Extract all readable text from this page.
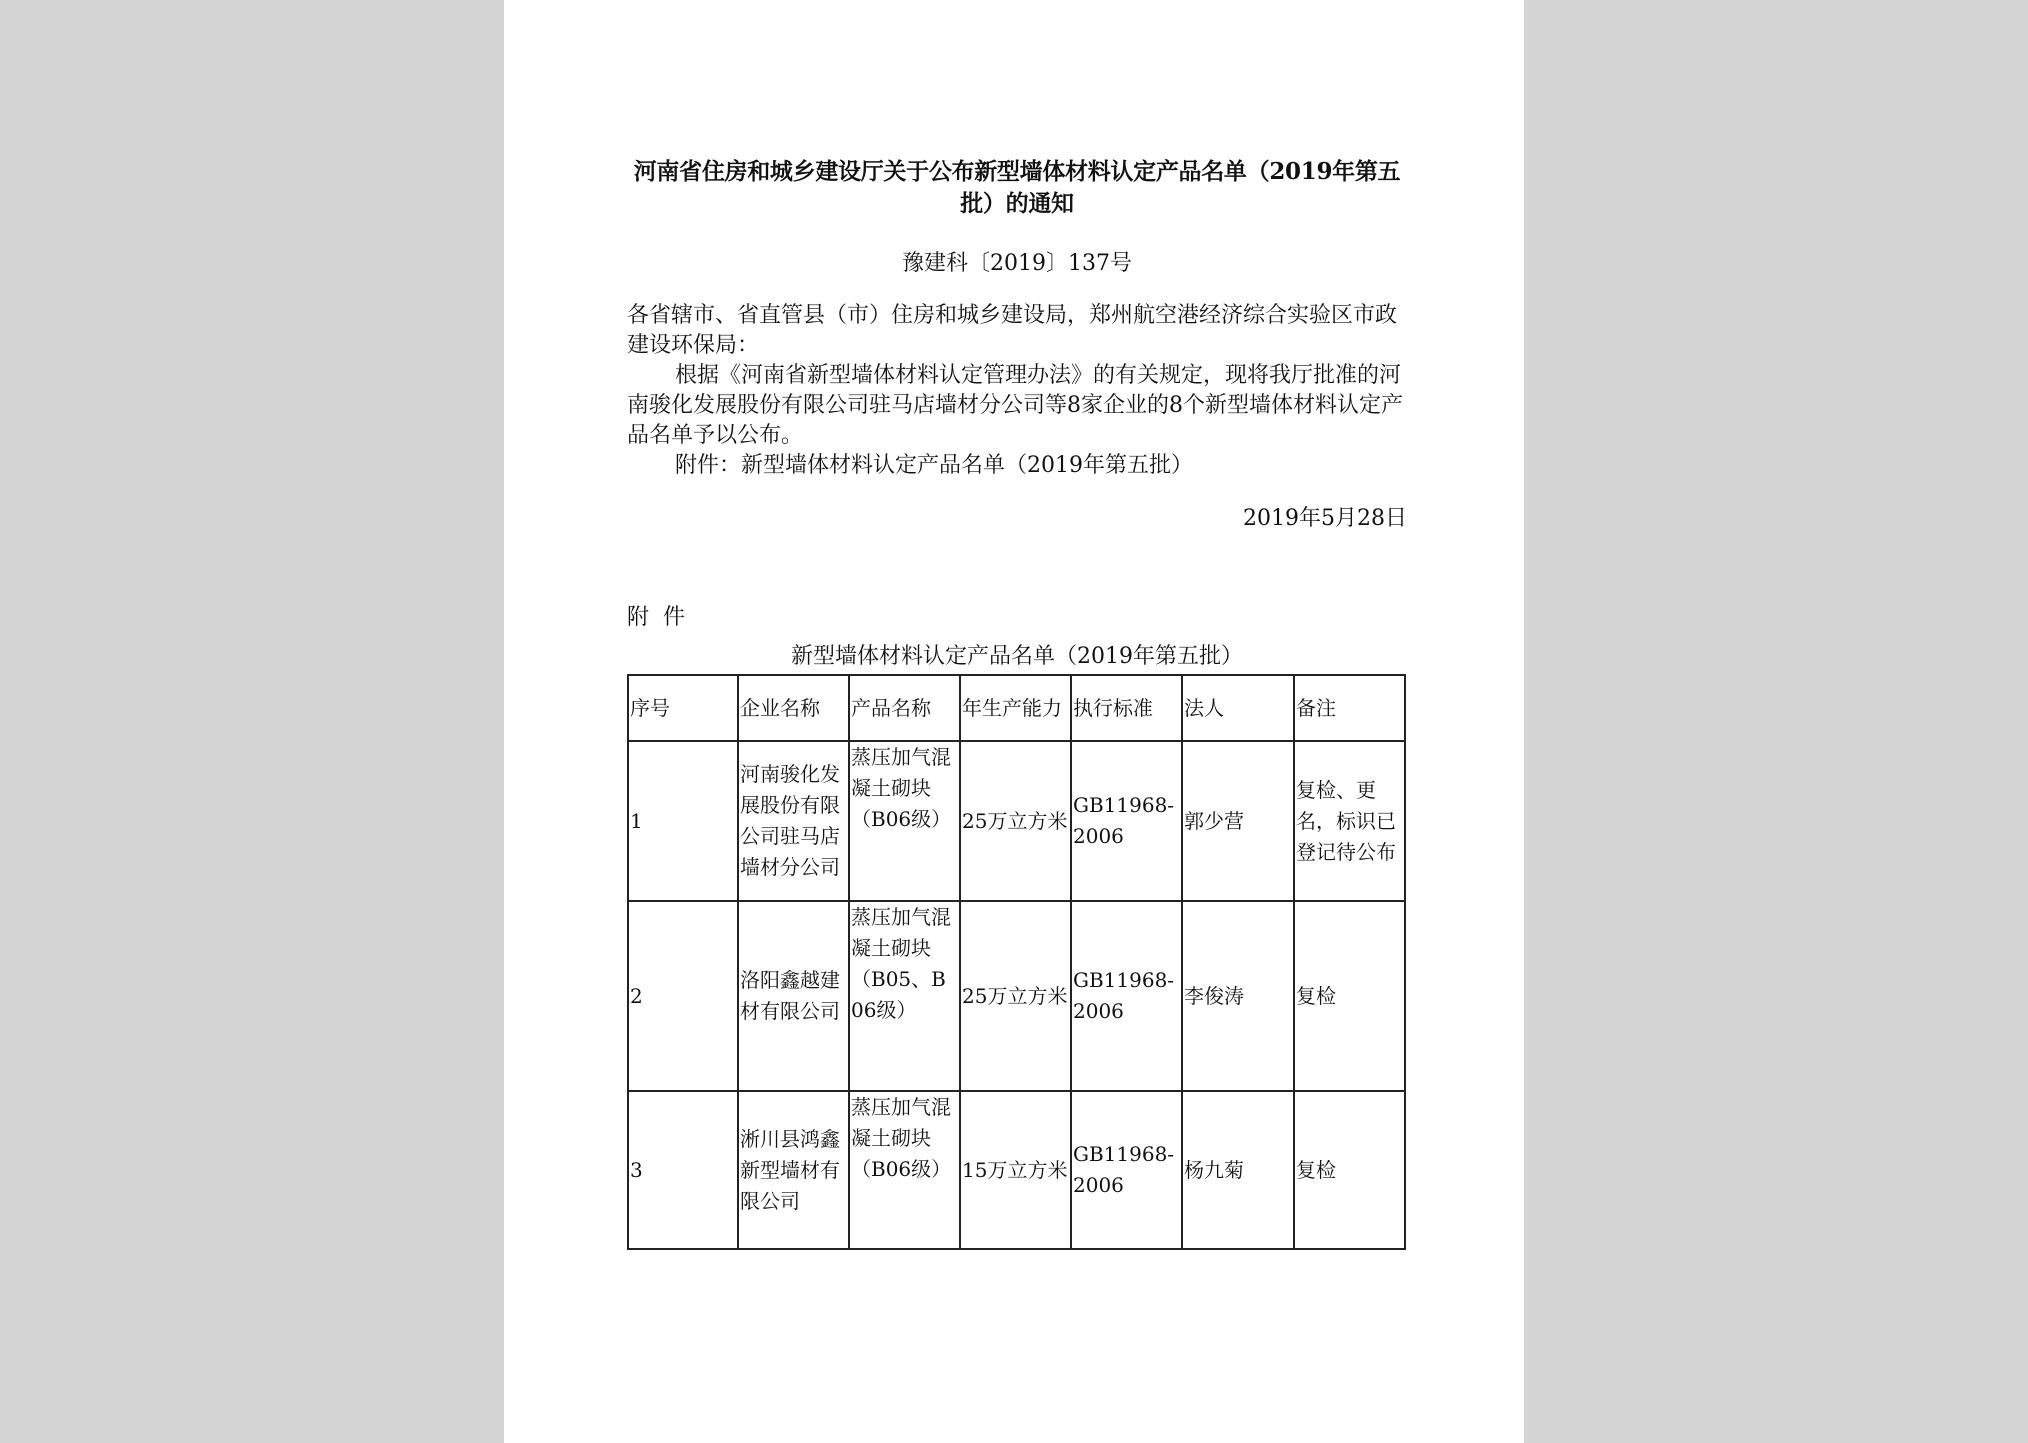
河南省住房和城乡建设厅关于公布新型墙体材料认定产品名单（2019年第五批）的通知
豫建科〔2019〕137号

各省辖市、省直管县（市）住房和城乡建设局，郑州航空港经济综合实验区市政建设环保局：

根据《河南省新型墙体材料认定管理办法》的有关规定，现将我厅批准的河南骏化发展股份有限公司驻马店墙材分公司等8家企业的8个新型墙体材料认定产品名单予以公布。

附件：新型墙体材料认定产品名单（2019年第五批）

2019年5月28日
附件
新型墙体材料认定产品名单（2019年第五批）
序号	企业名称	产品名称	年生产能力	执行标准	法人	备注
1	河南骏化发展股份有限公司驻马店墙材分公司	蒸压加气混凝土砌块（B06级）	25万立方米	GB11968-2006	郭少营	复检、更名，标识已登记待公布
2	洛阳鑫越建材有限公司	蒸压加气混凝土砌块（B05、B06级）	25万立方米	GB11968-2006	李俊涛	复检
3	淅川县鸿鑫新型墙材有限公司	蒸压加气混凝土砌块（B06级）	15万立方米	GB11968-2006	杨九菊	复检
